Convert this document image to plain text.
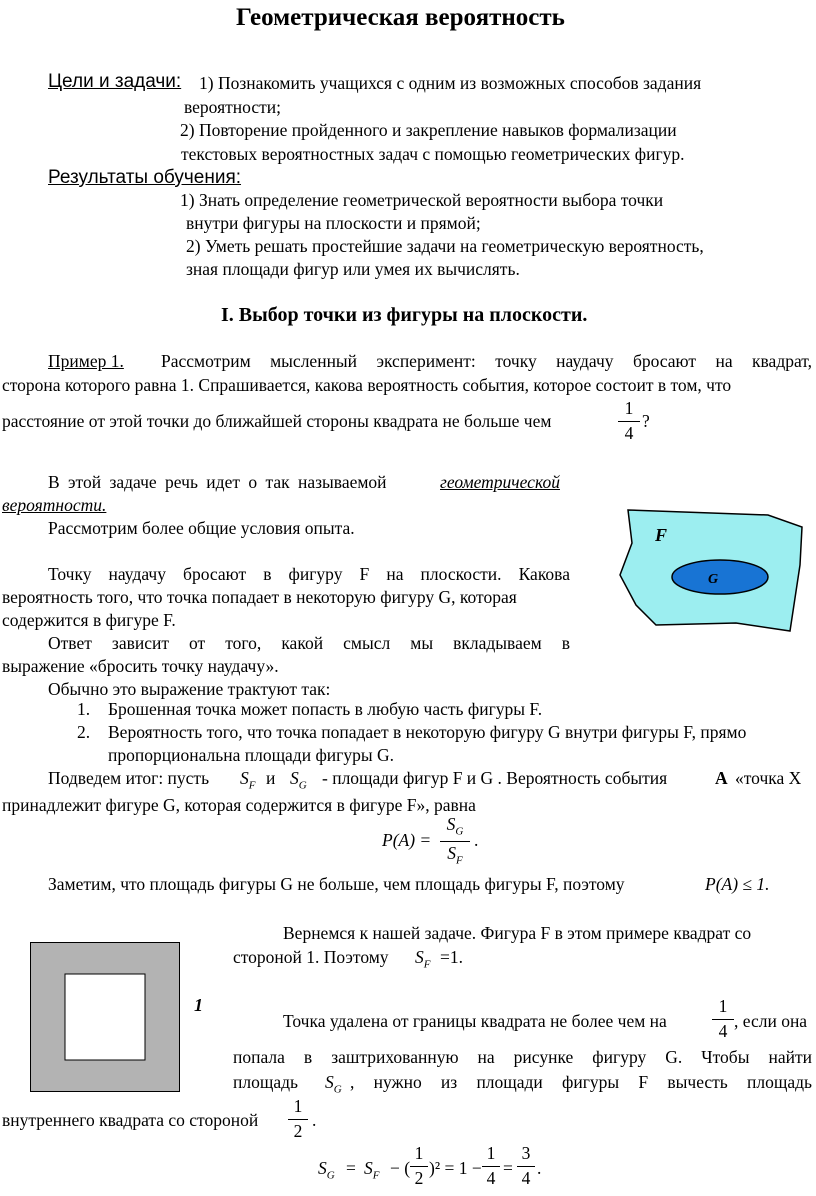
Геометрическая вероятность
Цели и задачи: 1) Познакомить учащихся с одним из возможных способов задания
вероятности;
2) Повторение пройденного и закрепление навыков формализации
текстовых вероятностных задач с помощью геометрических фигур.
Результаты обучения:
1) Знать определение геометрической вероятности выбора точки
внутри фигуры на плоскости и прямой;
2) Уметь решать простейшие задачи на геометрическую вероятность,
зная площади фигур или умея их вычислять.
I. Выбор точки из фигуры на плоскости.
Пример 1. Рассмотрим мысленный эксперимент: точку наудачу бросают на квадрат,
сторона которого равна 1. Спрашивается, какова вероятность события, которое состоит в том, что
расстояние от этой точки до ближайшей стороны квадрата не больше чем
1
4
?
В этой задаче речь идет о так называемой	геометрической
вероятности.
Рассмотрим более общие условия опыта.
Точку наудачу бросают в фигуру F на плоскости. Какова
вероятность того, что точка попадает в некоторую фигуру G, которая
содержится в фигуре F.
Ответ зависит от того, какой смысл мы вкладываем в
выражение «бросить точку наудачу».
Обычно это выражение трактуют так:
F
G
1. Брошенная точка может попасть в любую часть фигуры F.
2. Вероятность того, что точка попадает в некоторую фигуру G внутри фигуры F, прямо
пропорциональна площади фигуры G.
Подведем итог: пусть $S_F$ и $S_G$ - площади фигур F и G . Вероятность события	А «точка Х
принадлежит фигуре G, которая содержится в фигуре F», равна
P(A) =
$S_G$
$S_F$
.
Заметим, что площадь фигуры G не больше, чем площадь фигуры F, поэтому	P(A) ≤ 1.
1
Вернемся к нашей задаче. Фигура F в этом примере квадрат со
стороной 1. Поэтому $S_F =1$.
Точка удалена от границы квадрата не более чем на
1
4 , если она
попала в заштрихованную на рисунке фигуру G. Чтобы найти
площадь $S_G$ , нужно из площади фигуры F вычесть площадь
внутреннего квадрата со стороной
1
2
.
$S_G = S_F$ − (
1
2 )² = 1 −
1
4 =
3
4 .
